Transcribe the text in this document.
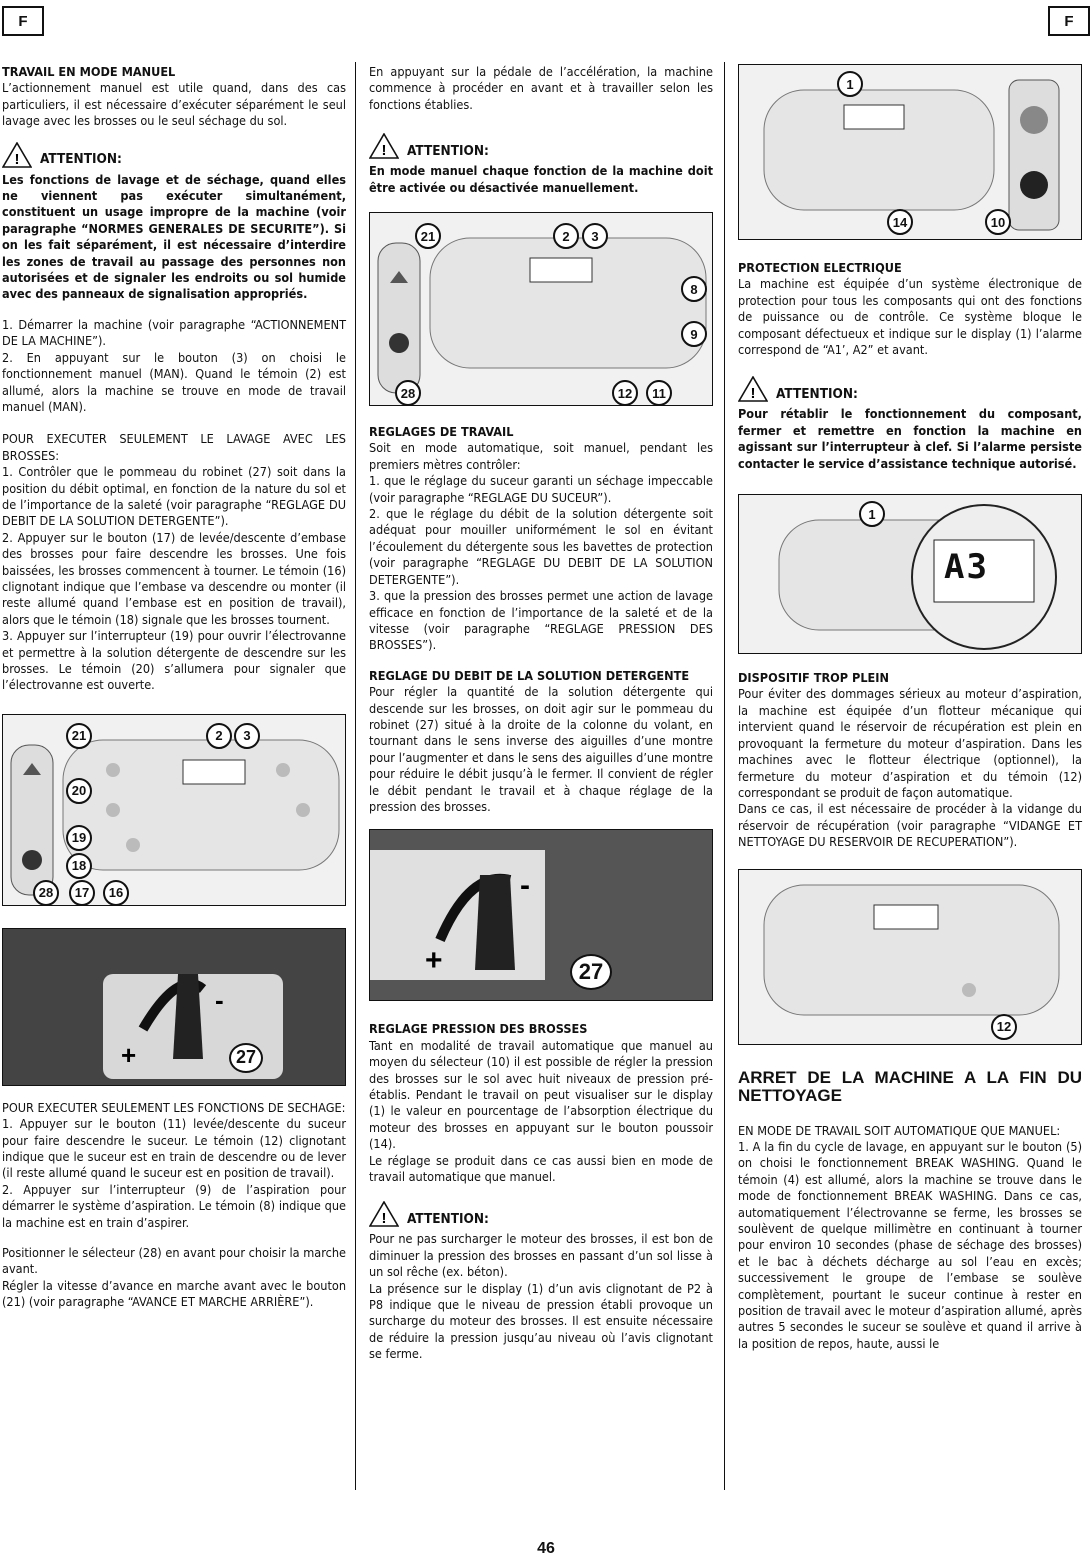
F	F

TRAVAIL EN MODE MANUEL

L’actionnement manuel est utile quand, dans des cas particuliers, il est nécessaire d’exécuter séparément le seul lavage avec les brosses ou le seul séchage du sol.

! ATTENTION:

Les fonctions de lavage et de séchage, quand elles ne viennent pas exécuter simultanément, constituent un usage impropre de la machine (voir paragraphe “NORMES GENERALES DE SECURITE”). Si on les fait séparément, il est nécessaire d’interdire les zones de travail au passage des personnes non autorisées et de signaler les endroits ou sol humide avec des panneaux de signalisation appropriés.

1. Démarrer la machine (voir paragraphe “ACTIONNEMENT DE LA MACHINE”).

2. En appuyant sur le bouton (3) on choisi le fonctionnement manuel (MAN). Quand le témoin (2) est allumé, alors la machine se trouve en mode de travail manuel (MAN).

POUR EXECUTER SEULEMENT LE LAVAGE AVEC LES BROSSES:

1. Contrôler que le pommeau du robinet (27) soit dans la position du débit optimal, en fonction de la nature du sol et de l’importance de la saleté (voir paragraphe “REGLAGE DU DEBIT DE LA SOLUTION DETERGENTE”).

2. Appuyer sur le bouton (17) de levée/descente d’embase des brosses pour faire descendre les brosses. Une fois baissées, les brosses commencent à tourner. Le témoin (16) clignotant indique que l’embase va descendre ou monter (il reste allumé quand l’embase est en position de travail), alors que le témoin (18) signale que les brosses tournent.

3. Appuyer sur l’interrupteur (19) pour ouvrir l’électrovanne et permettre à la solution détergente de descendre sur les brosses. Le témoin (20) s’allumera pour signaler que l’électrovanne est ouverte.

21	2	3
20
19
18
28	17	16
+
-
27

POUR EXECUTER SEULEMENT LES FONCTIONS DE SECHAGE:

1. Appuyer sur le bouton (11) levée/descente du suceur pour faire descendre le suceur. Le témoin (12) clignotant indique que le suceur est en train de descendre ou de lever (il reste allumé quand le suceur est en position de travail).

2. Appuyer sur l’interrupteur (9) de l’aspiration pour démarrer le système d’aspiration. Le témoin (8) indique que la machine est en train d’aspirer.

Positionner le sélecteur (28) en avant pour choisir la marche avant.

Régler la vitesse d’avance en marche avant avec le bouton (21) (voir paragraphe “AVANCE ET MARCHE ARRIÈRE”).

En appuyant sur la pédale de l’accélération, la machine commence à procéder en avant et à travailler selon les fonctions établies.

! ATTENTION:

En mode manuel chaque fonction de la machine doit être activée ou désactivée manuellement.

21	2	3
8
9
28	12	11

REGLAGES DE TRAVAIL

Soit en mode automatique, soit manuel, pendant les premiers mètres contrôler:

1. que le réglage du suceur garanti un séchage impeccable (voir paragraphe “REGLAGE DU SUCEUR”).

2. que le réglage du débit de la solution détergente soit adéquat pour mouiller uniformément le sol en évitant l’écoulement du détergente sous les bavettes de protection (voir paragraphe “REGLAGE DU DEBIT DE LA SOLUTION DETERGENTE”).

3. que la pression des brosses permet une action de lavage efficace en fonction de l’importance de la saleté et de la vitesse (voir paragraphe “REGLAGE PRESSION DES BROSSES”).

REGLAGE DU DEBIT DE LA SOLUTION DETERGENTE

Pour régler la quantité de la solution détergente qui descende sur les brosses, on doit agir sur le pommeau du robinet (27) situé à la droite de la colonne du volant, en tournant dans le sens inverse des aiguilles d’une montre pour l’augmenter et dans le sens des aiguilles d’une montre pour réduire le débit jusqu’à le fermer. Il convient de régler le débit pendant le travail et à chaque réglage de la pression des brosses.

+
-
27

REGLAGE PRESSION DES BROSSES

Tant en modalité de travail automatique que manuel au moyen du sélecteur (10) il est possible de régler la pression des brosses sur le sol avec huit niveaux de pression pré-établis. Pendant le travail on peut visualiser sur le display (1) le valeur en pourcentage de l’absorption électrique du moteur des brosses en appuyant sur le bouton poussoir (14).

Le réglage se produit dans ce cas aussi bien en mode de travail automatique que manuel.

! ATTENTION:

Pour ne pas surcharger le moteur des brosses, il est bon de diminuer la pression des brosses en passant d’un sol lisse à un sol rêche (ex. béton).

La présence sur le display (1) d’un avis clignotant de P2 à P8 indique que le niveau de pression établi provoque un surcharge du moteur des brosses. Il est ensuite nécessaire de réduire la pression jusqu’au niveau où l’avis clignotant se ferme.

1
14	10

PROTECTION ELECTRIQUE

La machine est équipée d’un système électronique de protection pour tous les composants qui ont des fonctions de puissance ou de contrôle. Ce système bloque le composant défectueux et indique sur le display (1) l’alarme correspond de “A1’, A2” et avant.

! ATTENTION:

Pour rétablir le fonctionnement du composant, fermer et remettre en fonction la machine en agissant sur l’interrupteur à clef. Si l’alarme persiste contacter le service d’assistance technique autorisé.

1
A3

DISPOSITIF TROP PLEIN

Pour éviter des dommages sérieux au moteur d’aspiration, la machine est équipée d’un flotteur mécanique qui intervient quand le réservoir de récupération est plein en provoquant la fermeture du moteur d’aspiration. Dans les machines avec le flotteur électrique (optionnel), la fermeture du moteur d’aspiration et du témoin (12) correspondant se produit de façon automatique.

Dans ce cas, il est nécessaire de procéder à la vidange du réservoir de récupération (voir paragraphe “VIDANGE ET NETTOYAGE DU RESERVOIR DE RECUPERATION”).

12
ARRET DE LA MACHINE A LA FIN DU NETTOYAGE

EN MODE DE TRAVAIL SOIT AUTOMATIQUE QUE MANUEL:

1. A la fin du cycle de lavage, en appuyant sur le bouton (5) on choisi le fonctionnement BREAK WASHING. Quand le témoin (4) est allumé, alors la machine se trouve dans le mode de fonctionnement BREAK WASHING. Dans ce cas, automatiquement l’électrovanne se ferme, les brosses se soulèvent de quelque millimètre en continuant à tourner pour environ 10 secondes (phase de séchage des brosses) et le bac à déchets décharge au sol l’eau en excès; successivement le groupe de l’embase se soulève complètement, pourtant le suceur continue à rester en position de travail avec le moteur d’aspiration allumé, après autres 5 secondes le suceur se soulève et quand il arrive à la position de repos, haute, aussi le

46
